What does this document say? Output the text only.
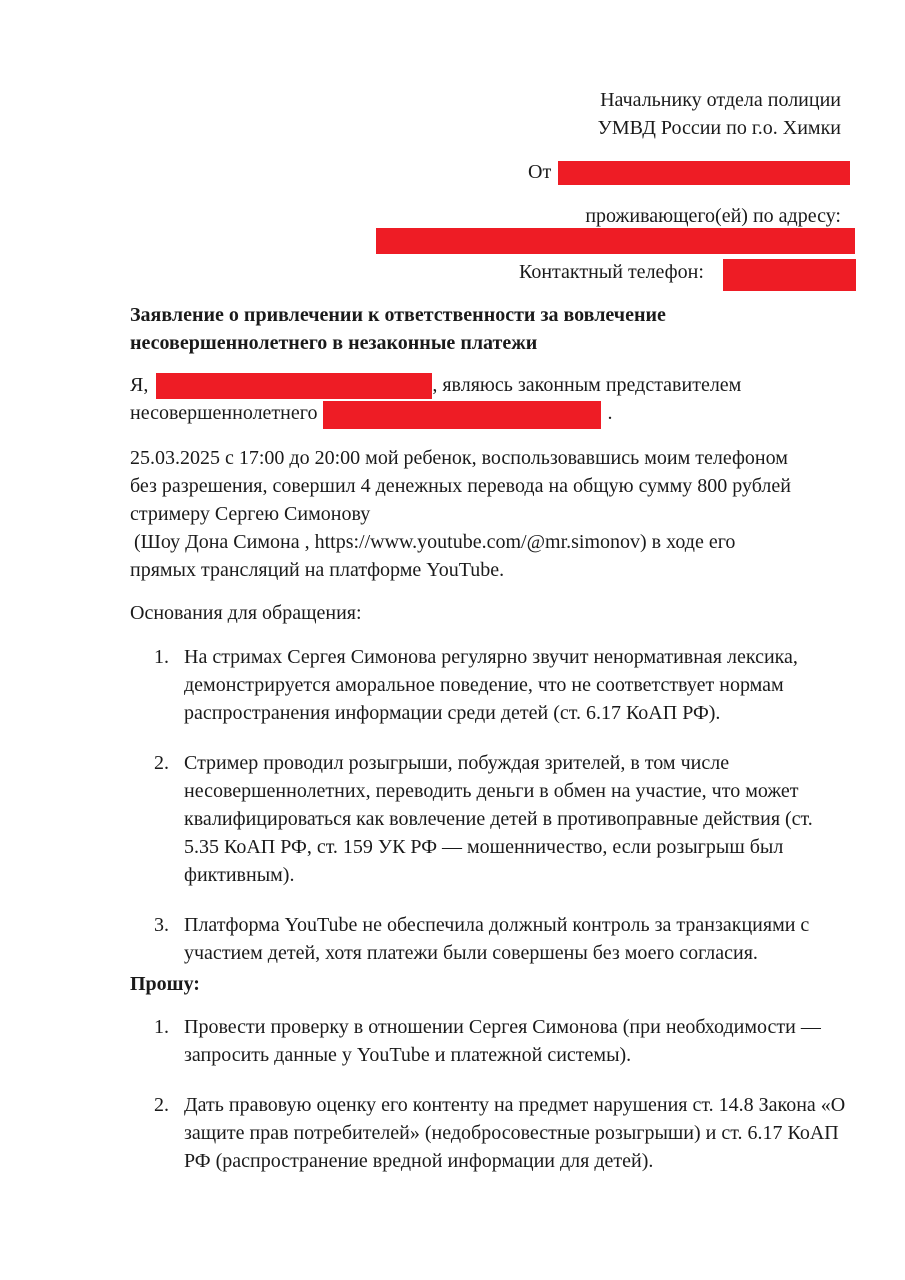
Начальнику отдела полиции
УМВД России по г.о. Химки
От
проживающего(ей) по адресу:
Контактный телефон:
Заявление о привлечении к ответственности за вовлечение
несовершеннолетнего в незаконные платежи
Я,	, являюсь законным представителем
несовершеннолетнего	.
25.03.2025 с 17:00 до 20:00 мой ребенок, воспользовавшись моим телефоном
без разрешения, совершил 4 денежных перевода на общую сумму 800 рублей
стримеру Сергею Симонову
(Шоу Дона Симона , https://www.youtube.com/@mr.simonov) в ходе его
прямых трансляций на платформе YouTube.
Основания для обращения:
1. На стримах Сергея Симонова регулярно звучит ненормативная лексика, демонстрируется аморальное поведение, что не соответствует нормам распространения информации среди детей (ст. 6.17 КоАП РФ).
2. Стример проводил розыгрыши, побуждая зрителей, в том числе несовершеннолетних, переводить деньги в обмен на участие, что может квалифицироваться как вовлечение детей в противоправные действия (ст. 5.35 КоАП РФ, ст. 159 УК РФ — мошенничество, если розыгрыш был фиктивным).
3. Платформа YouTube не обеспечила должный контроль за транзакциями с участием детей, хотя платежи были совершены без моего согласия.
Прошу:
1. Провести проверку в отношении Сергея Симонова (при необходимости — запросить данные у YouTube и платежной системы).
2. Дать правовую оценку его контенту на предмет нарушения ст. 14.8 Закона «О защите прав потребителей» (недобросовестные розыгрыши) и ст. 6.17 КоАП РФ (распространение вредной информации для детей).
